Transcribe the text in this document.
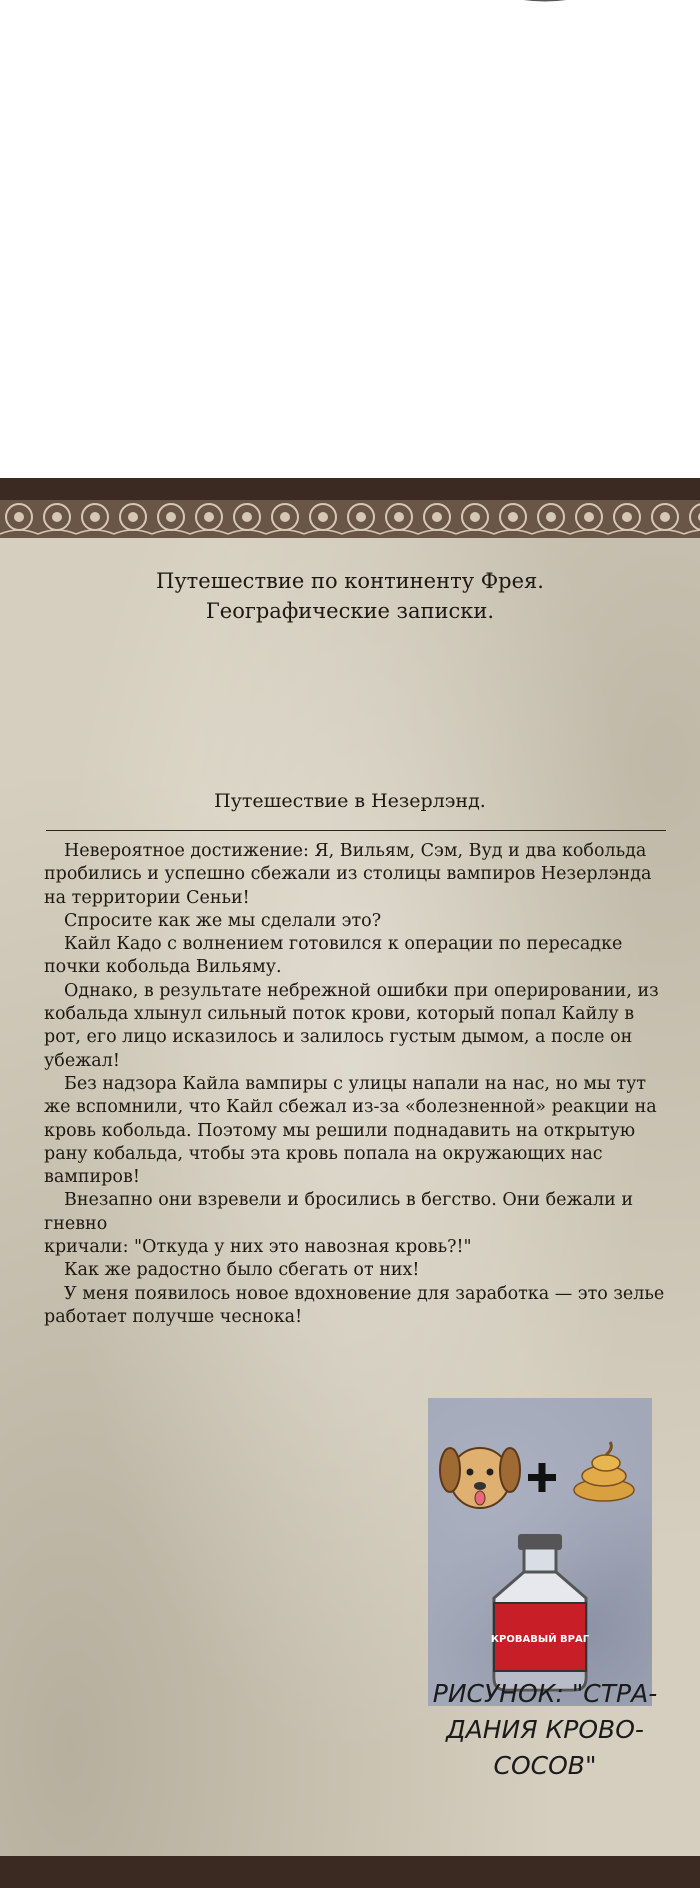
Путешествие по континенту Фрея.
Географические записки.
Путешествие в Незерлэнд.

Невероятное достижение: Я, Вильям, Сэм, Вуд и два кобольда пробились и успешно сбежали из столицы вампиров Незерлэнда на территории Сеньи!

Спросите как же мы сделали это?

Кайл Кадо с волнением готовился к операции по пересадке почки кобольда Вильяму.

Однако, в результате небрежной ошибки при оперировании, из кобальда хлынул сильный поток крови, который попал Кайлу в рот, его лицо исказилось и залилось густым дымом, а после он убежал!

Без надзора Кайла вампиры с улицы напали на нас, но мы тут же вспомнили, что Кайл сбежал из-за «болезненной» реакции на кровь кобольда. Поэтому мы решили поднадавить на открытую рану кобальда, чтобы эта кровь попала на окружающих нас вампиров!

Внезапно они взревели и бросились в бегство. Они бежали и гневно

кричали: "Откуда у них это навозная кровь?!"

Как же радостно было сбегать от них!

У меня появилось новое вдохновение для заработка — это зелье работает получше чеснока!

КРОВАВЫЙ ВРАГ
РИСУНОК: "СТРА-
ДАНИЯ КРОВО-
СОСОВ"
